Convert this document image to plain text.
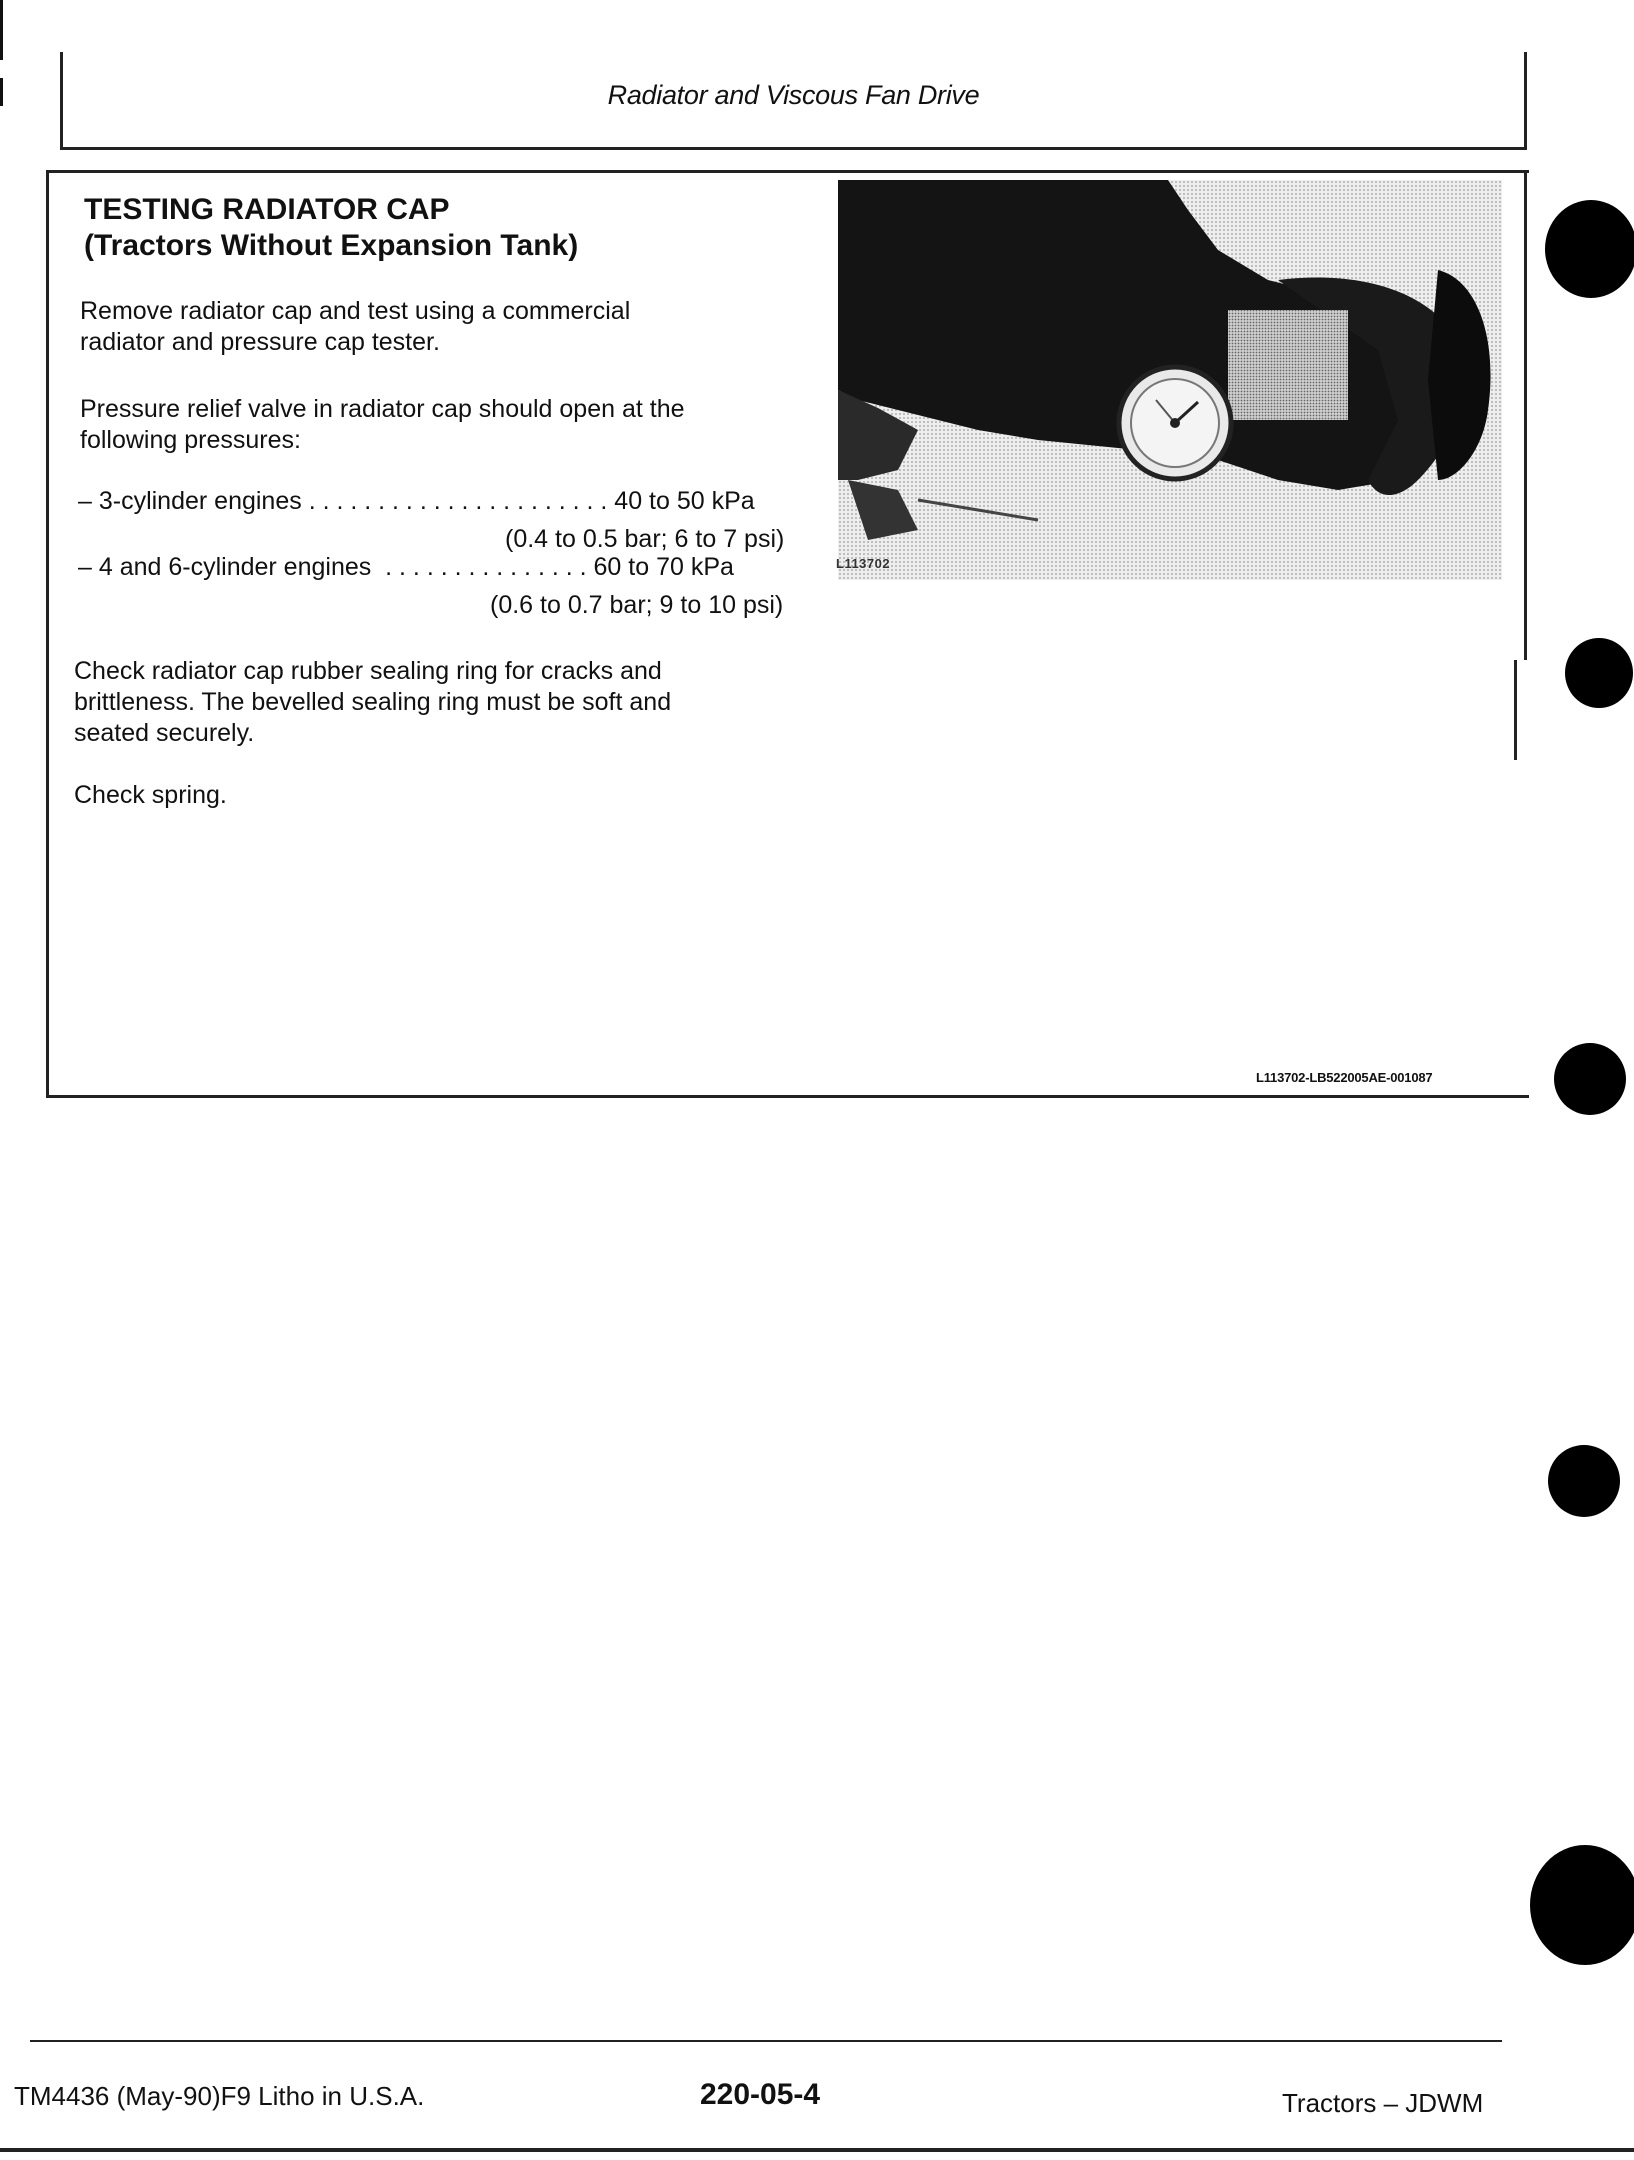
Radiator and Viscous Fan Drive
TESTING RADIATOR CAP
(Tractors Without Expansion Tank)
Remove radiator cap and test using a commercial
radiator and pressure cap tester.
Pressure relief valve in radiator cap should open at the
following pressures:
– 3-cylinder engines . . . . . . . . . . . . . . . . . . . . . . 40 to 50 kPa
(0.4 to 0.5 bar; 6 to 7 psi)
– 4 and 6-cylinder engines  . . . . . . . . . . . . . . . 60 to 70 kPa
(0.6 to 0.7 bar; 9 to 10 psi)
Check radiator cap rubber sealing ring for cracks and
brittleness. The bevelled sealing ring must be soft and
seated securely.
Check spring.
L113702
L113702-LB522005AE-001087
TM4436 (May-90)F9 Litho in U.S.A.	220-05-4	Tractors – JDWM
